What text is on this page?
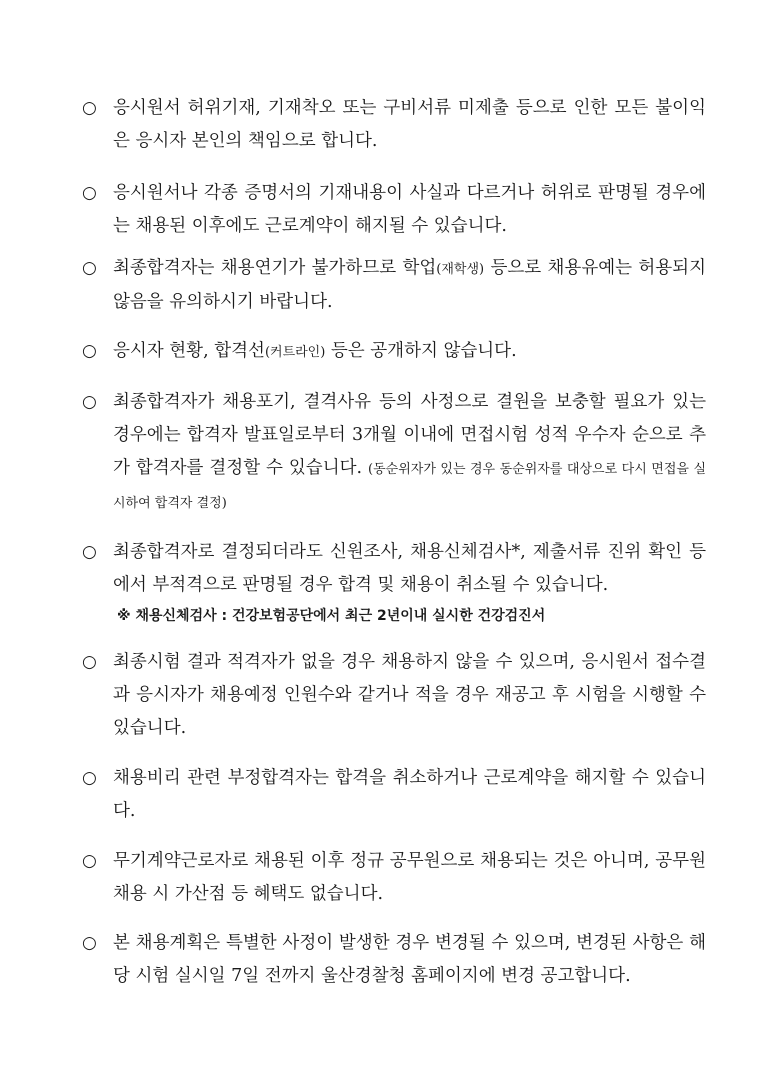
○ 응시원서 허위기재, 기재착오 또는 구비서류 미제출 등으로 인한 모든 불이익은 응시자 본인의 책임으로 합니다.

○ 응시원서나 각종 증명서의 기재내용이 사실과 다르거나 허위로 판명될 경우에는 채용된 이후에도 근로계약이 해지될 수 있습니다.

○ 최종합격자는 채용연기가 불가하므로 학업(재학생) 등으로 채용유예는 허용되지 않음을 유의하시기 바랍니다.

○ 응시자 현황, 합격선(커트라인) 등은 공개하지 않습니다.

○ 최종합격자가 채용포기, 결격사유 등의 사정으로 결원을 보충할 필요가 있는 경우에는 합격자 발표일로부터 3개월 이내에 면접시험 성적 우수자 순으로 추가 합격자를 결정할 수 있습니다. (동순위자가 있는 경우 동순위자를 대상으로 다시 면접을 실시하여 합격자 결정)

○ 최종합격자로 결정되더라도 신원조사, 채용신체검사*, 제출서류 진위 확인 등에서 부적격으로 판명될 경우 합격 및 채용이 취소될 수 있습니다.

※ 채용신체검사 : 건강보험공단에서 최근 2년이내 실시한 건강검진서

○ 최종시험 결과 적격자가 없을 경우 채용하지 않을 수 있으며, 응시원서 접수결과 응시자가 채용예정 인원수와 같거나 적을 경우 재공고 후 시험을 시행할 수 있습니다.

○ 채용비리 관련 부정합격자는 합격을 취소하거나 근로계약을 해지할 수 있습니다.

○ 무기계약근로자로 채용된 이후 정규 공무원으로 채용되는 것은 아니며, 공무원 채용 시 가산점 등 혜택도 없습니다.

○ 본 채용계획은 특별한 사정이 발생한 경우 변경될 수 있으며, 변경된 사항은 해당 시험 실시일 7일 전까지 울산경찰청 홈페이지에 변경 공고합니다.
